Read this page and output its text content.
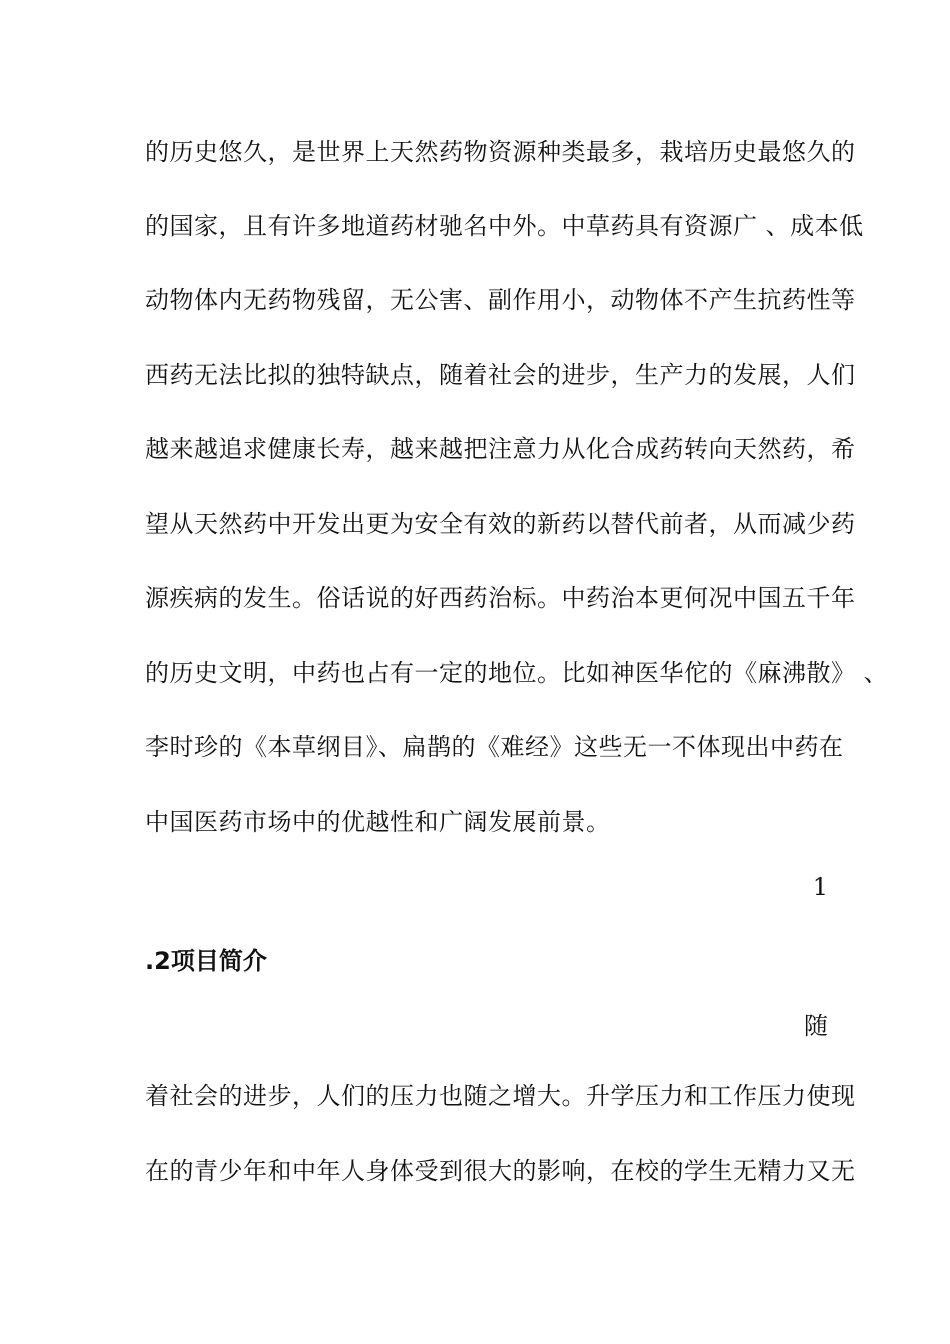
的历史悠久，是世界上天然药物资源种类最多，栽培历史最悠久的
的国家，且有许多地道药材驰名中外。中草药具有资源广 、成本低
动物体内无药物残留，无公害、副作用小，动物体不产生抗药性等
西药无法比拟的独特缺点，随着社会的进步，生产力的发展，人们
越来越追求健康长寿，越来越把注意力从化合成药转向天然药，希
望从天然药中开发出更为安全有效的新药以替代前者，从而减少药
源疾病的发生。俗话说的好西药治标。中药治本更何况中国五千年
的历史文明，中药也占有一定的地位。比如神医华佗的《麻沸散》 、
李时珍的《本草纲目》、扁鹊的《难经》这些无一不体现出中药在
中国医药市场中的优越性和广阔发展前景。
1
.2项目简介
随
着社会的进步，人们的压力也随之增大。升学压力和工作压力使现
在的青少年和中年人身体受到很大的影响，在校的学生无精力又无
